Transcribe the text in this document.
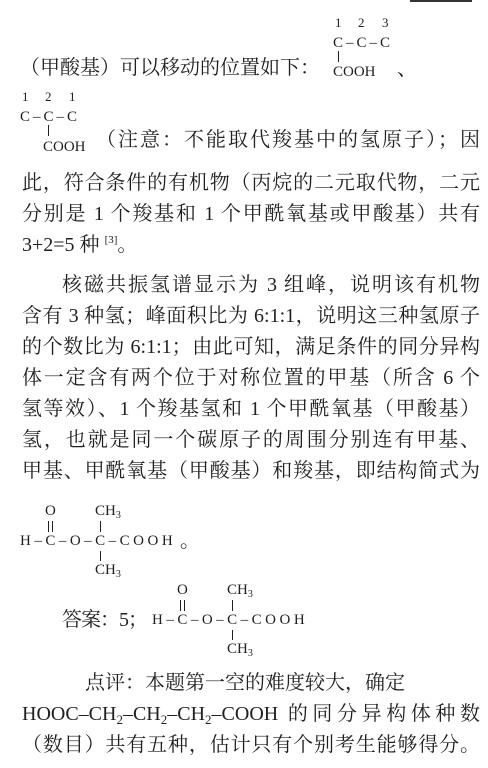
（甲酸基）可以移动的位置如下：
1 2 3
C–C–C
COOH 、
1 2 1
C–C–C
COOH （注意：不能取代羧基中的氢原子）；因
此，符合条件的有机物（丙烷的二元取代物，二元
分别是 1 个羧基和 1 个甲酰氧基或甲酸基）共有
3+2=5 种 [3]。
核磁共振氢谱显示为 3 组峰，说明该有机物
含有 3 种氢；峰面积比为 6:1:1，说明这三种氢原子
的个数比为 6:1:1；由此可知，满足条件的同分异构
体一定含有两个位于对称位置的甲基（所含 6 个
氢等效）、1 个羧基氢和 1 个甲酰氧基（甲酸基）
氢，也就是同一个碳原子的周围分别连有甲基、
甲基、甲酰氧基（甲酸基）和羧基，即结构简式为
O	$CH_3$
H–C–O–C–COOH 。
$CH_3$
答案：5；
O	$CH_3$
H–C–O–C–COOH
$CH_3$
点评：本题第一空的难度较大，确定
HOOC–$CH_2-CH_2-CH_2$–COOH 的同分异构体种数
（数目）共有五种，估计只有个别考生能够得分。
